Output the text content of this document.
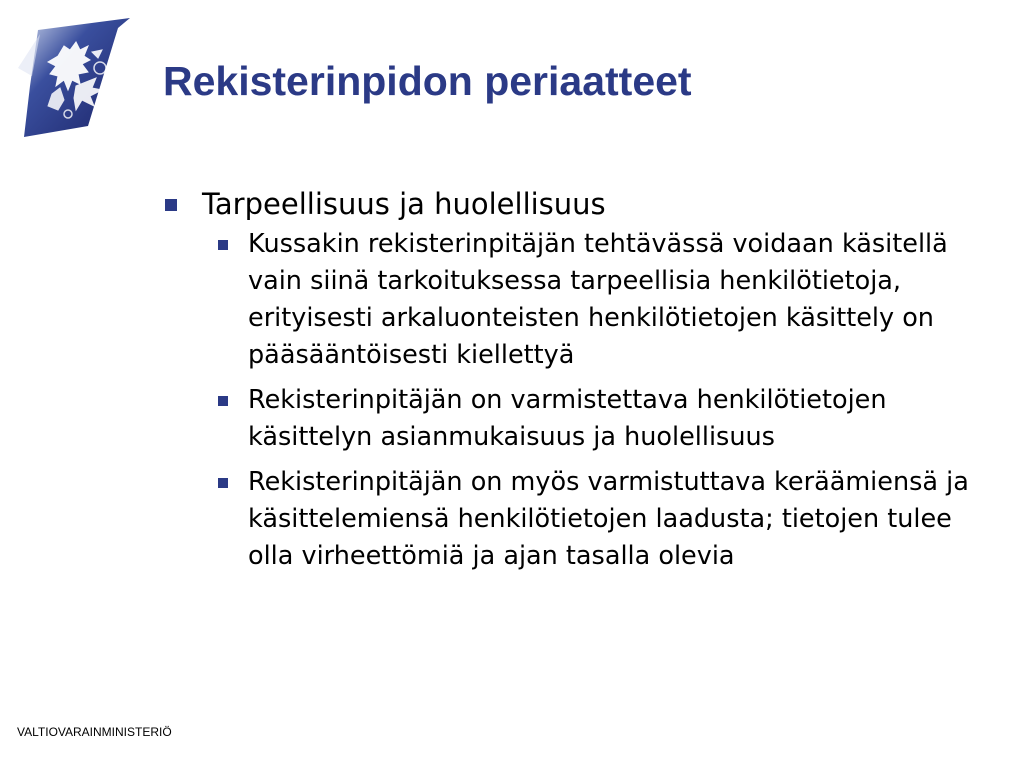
Rekisterinpidon periaatteet
Tarpeellisuus ja huolellisuus
Kussakin rekisterinpitäjän tehtävässä voidaan käsitellä vain siinä tarkoituksessa tarpeellisia henkilötietoja, erityisesti arkaluonteisten henkilötietojen käsittely on pääsääntöisesti kiellettyä
Rekisterinpitäjän on varmistettava henkilötietojen käsittelyn asianmukaisuus ja huolellisuus
Rekisterinpitäjän on myös varmistuttava keräämiensä ja käsittelemiensä henkilötietojen laadusta; tietojen tulee olla virheettömiä ja ajan tasalla olevia
VALTIOVARAINMINISTERIÖ
